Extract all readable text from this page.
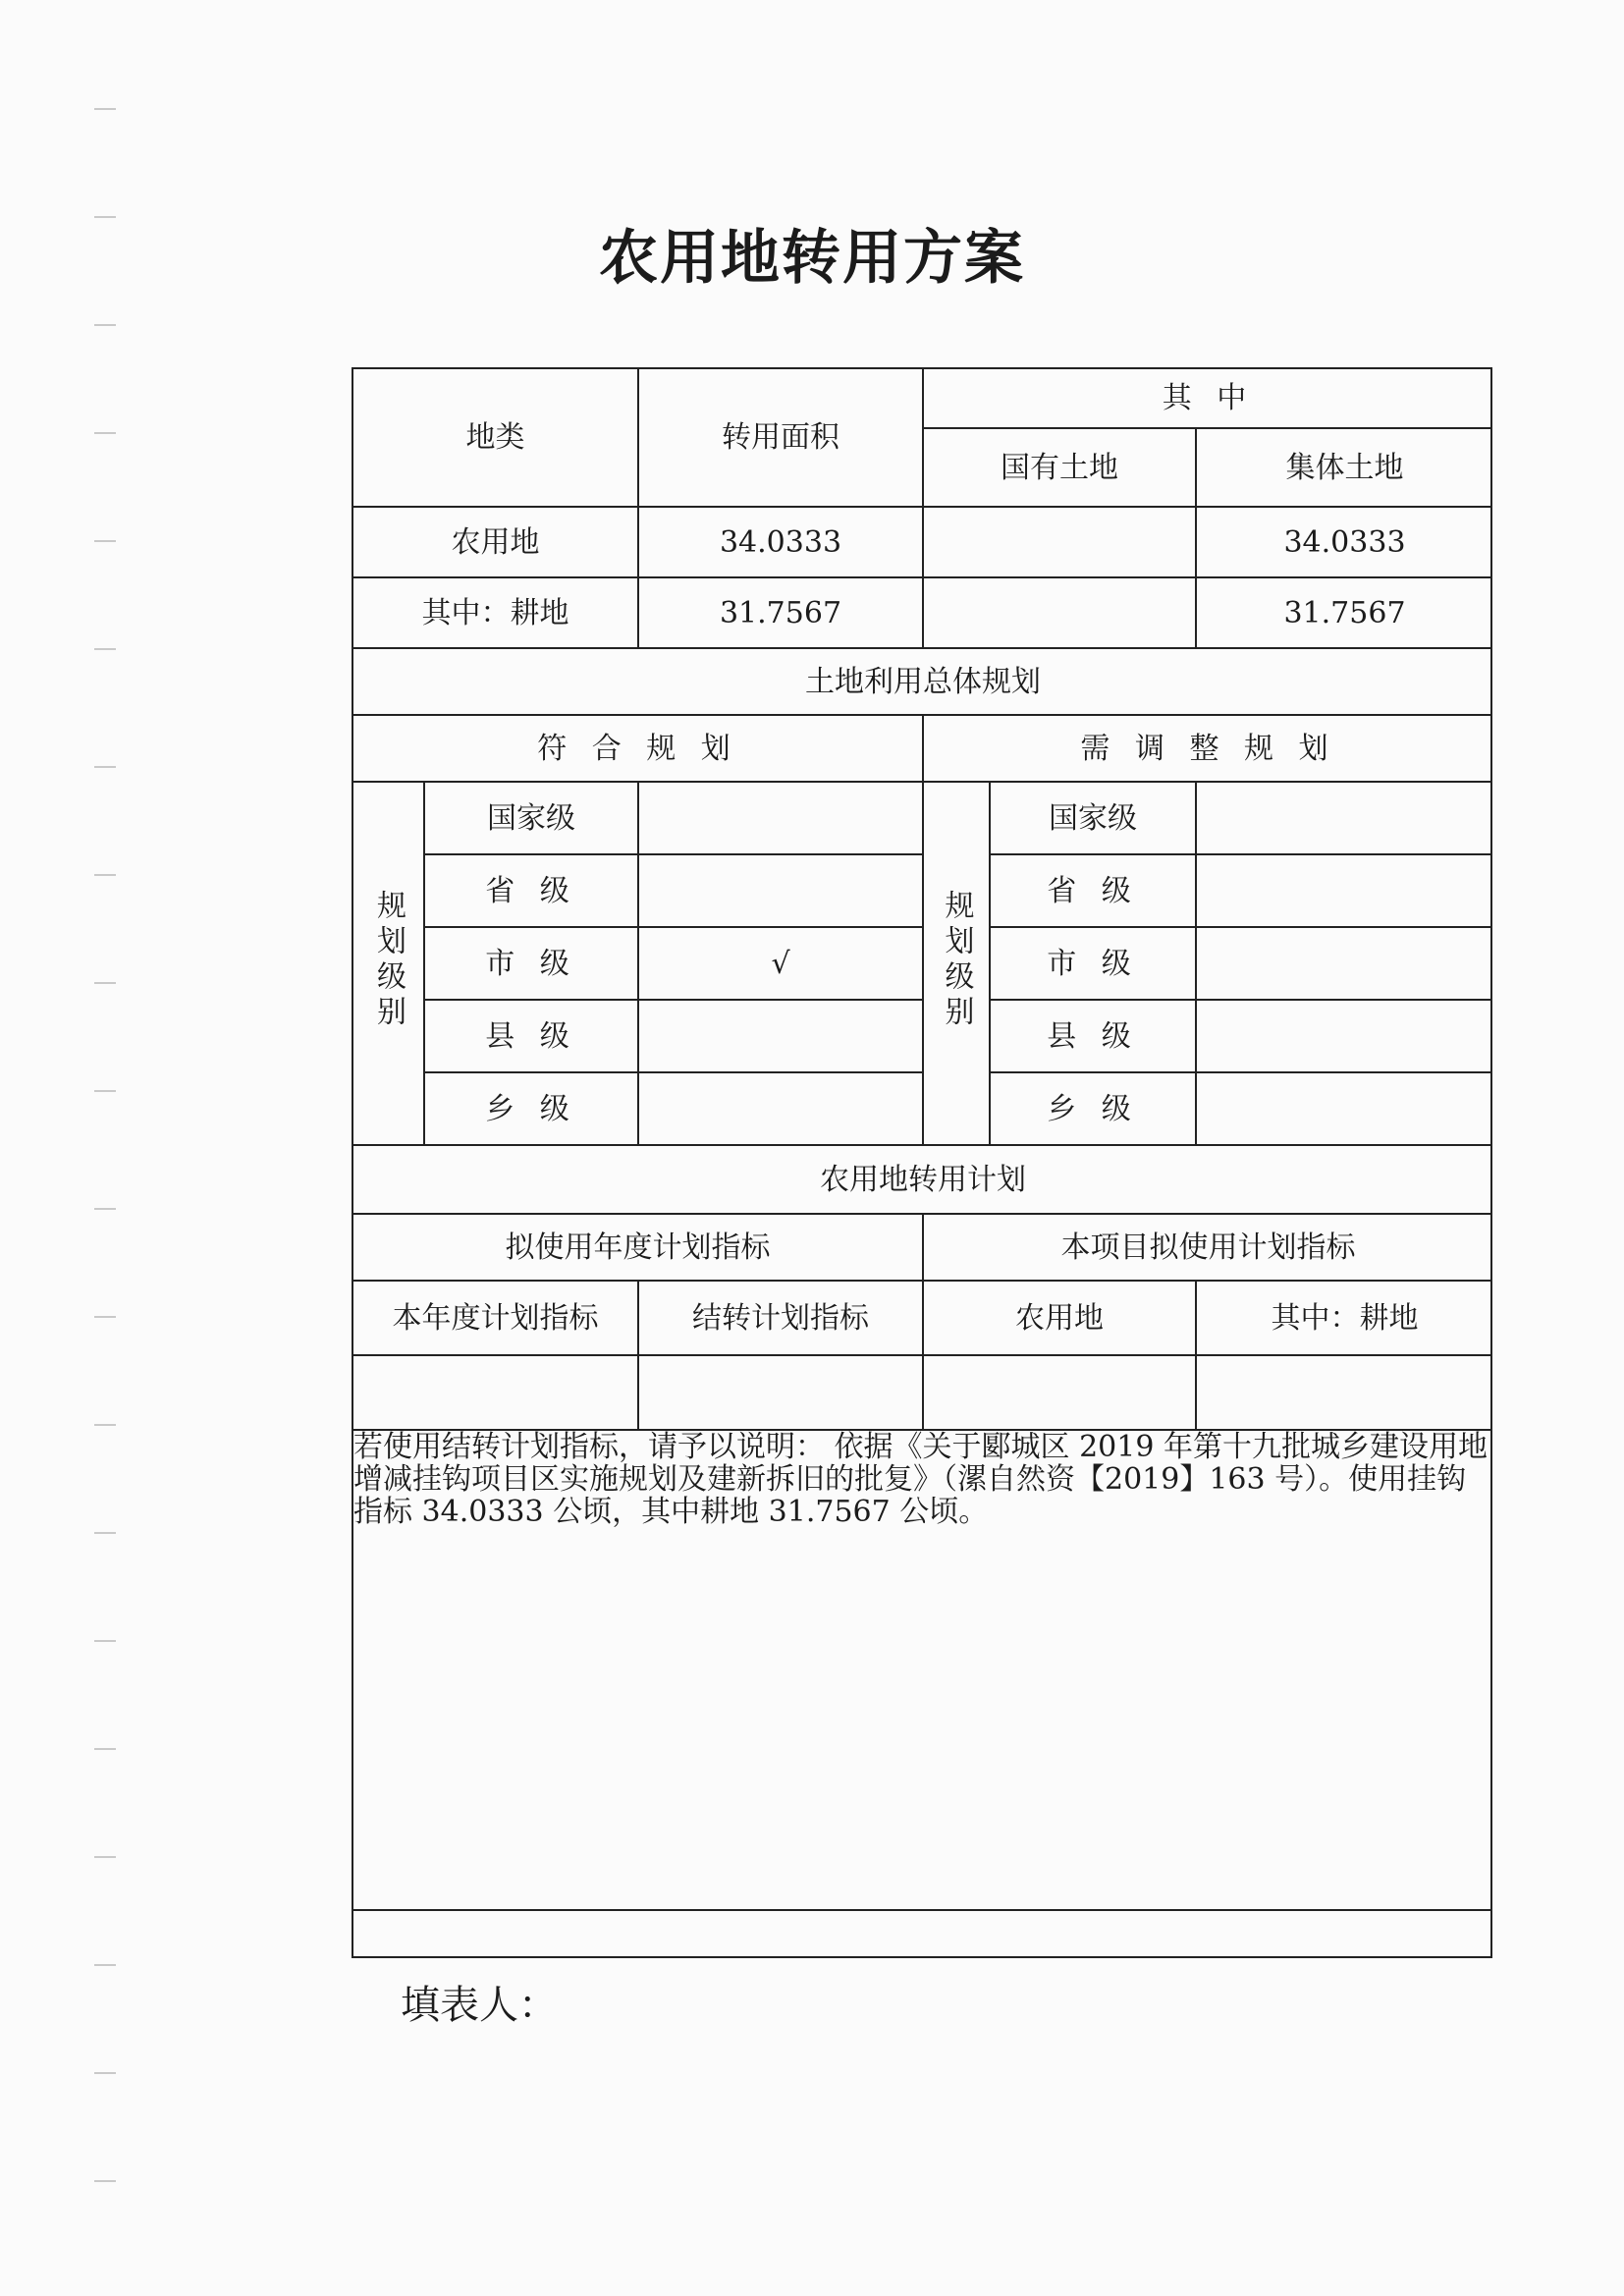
农用地转用方案
地类		转用面积	其 中		
			国有土地		集体土地
农用地		34.0333			34.0333
其中：耕地		31.7567			31.7567
土地利用总体规划					
符 合 规 划			需 调 整 规 划		
规划级别	国家级		规划级别	国家级	
	省 级			省 级	
	市 级	√		市 级	
	县 级			县 级	
	乡 级			乡 级	
农用地转用计划					
拟使用年度计划指标			本项目拟使用计划指标		
本年度计划指标		结转计划指标	农用地		其中：耕地

若使用结转计划指标，请予以说明： 依据《关于郾城区 2019 年第十九批城乡建设用地增减挂钩项目区实施规划及建新拆旧的批复》（漯自然资【2019】163 号）。使用挂钩指标 34.0333 公顷，其中耕地 31.7567 公顷。					
填表人：
